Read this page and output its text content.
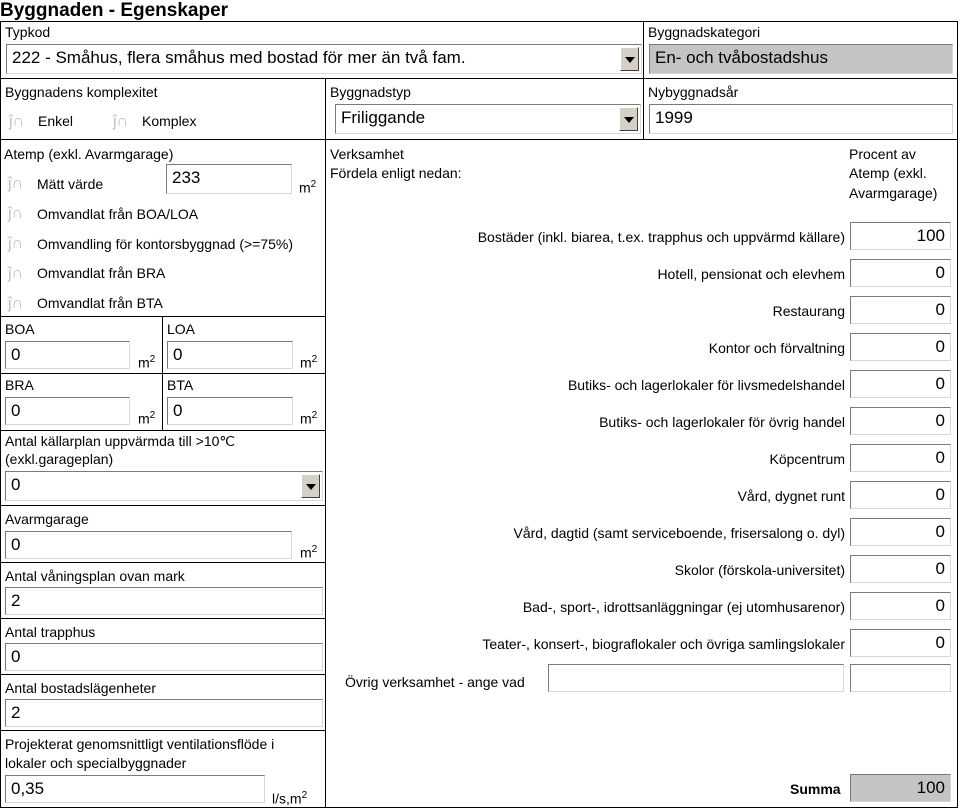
Byggnaden - Egenskaper
Typkod
222 - Småhus, flera småhus med bostad för mer än två fam.
Byggnadskategori
En- och tvåbostadshus
Byggnadens komplexitet
ĵ∩ Enkel ĵ∩ Komplex
Byggnadstyp
Friliggande
Nybyggnadsår
1999
Atemp (exkl. Avarmgarage)
ĵ∩ Mätt värde	233
$m^2$
ĵ∩ Omvandlat från BOA/LOA
ĵ∩ Omvandling för kontorsbyggnad (>=75%)
ĵ∩ Omvandlat från BRA
ĵ∩ Omvandlat från BTA
BOA
0	$m^2$
LOA
0	$m^2$
BRA
0	$m^2$
BTA
0	$m^2$
Antal källarplan uppvärmda till >10℃
(exkl.garageplan)
0
Avarmgarage
0	$m^2$
Antal våningsplan ovan mark
2
Antal trapphus
0
Antal bostadslägenheter
2
Projekterat genomsnittligt ventilationsflöde i
lokaler och specialbyggnader
0,35
$l/s,m^2$
Verksamhet
Fördela enligt nedan:
Procent av
Atemp (exkl.
Avarmgarage)
Bostäder (inkl. biarea, t.ex. trapphus och uppvärmd källare)	100
Hotell, pensionat och elevhem	0
Restaurang	0
Kontor och förvaltning	0
Butiks- och lagerlokaler för livsmedelshandel	0
Butiks- och lagerlokaler för övrig handel	0
Köpcentrum	0
Vård, dygnet runt	0
Vård, dagtid (samt serviceboende, frisersalong o. dyl)	0
Skolor (förskola-universitet)	0
Bad-, sport-, idrottsanläggningar (ej utomhusarenor)	0
Teater-, konsert-, biograflokaler och övriga samlingslokaler	0
Övrig verksamhet - ange vad
Summa	100
